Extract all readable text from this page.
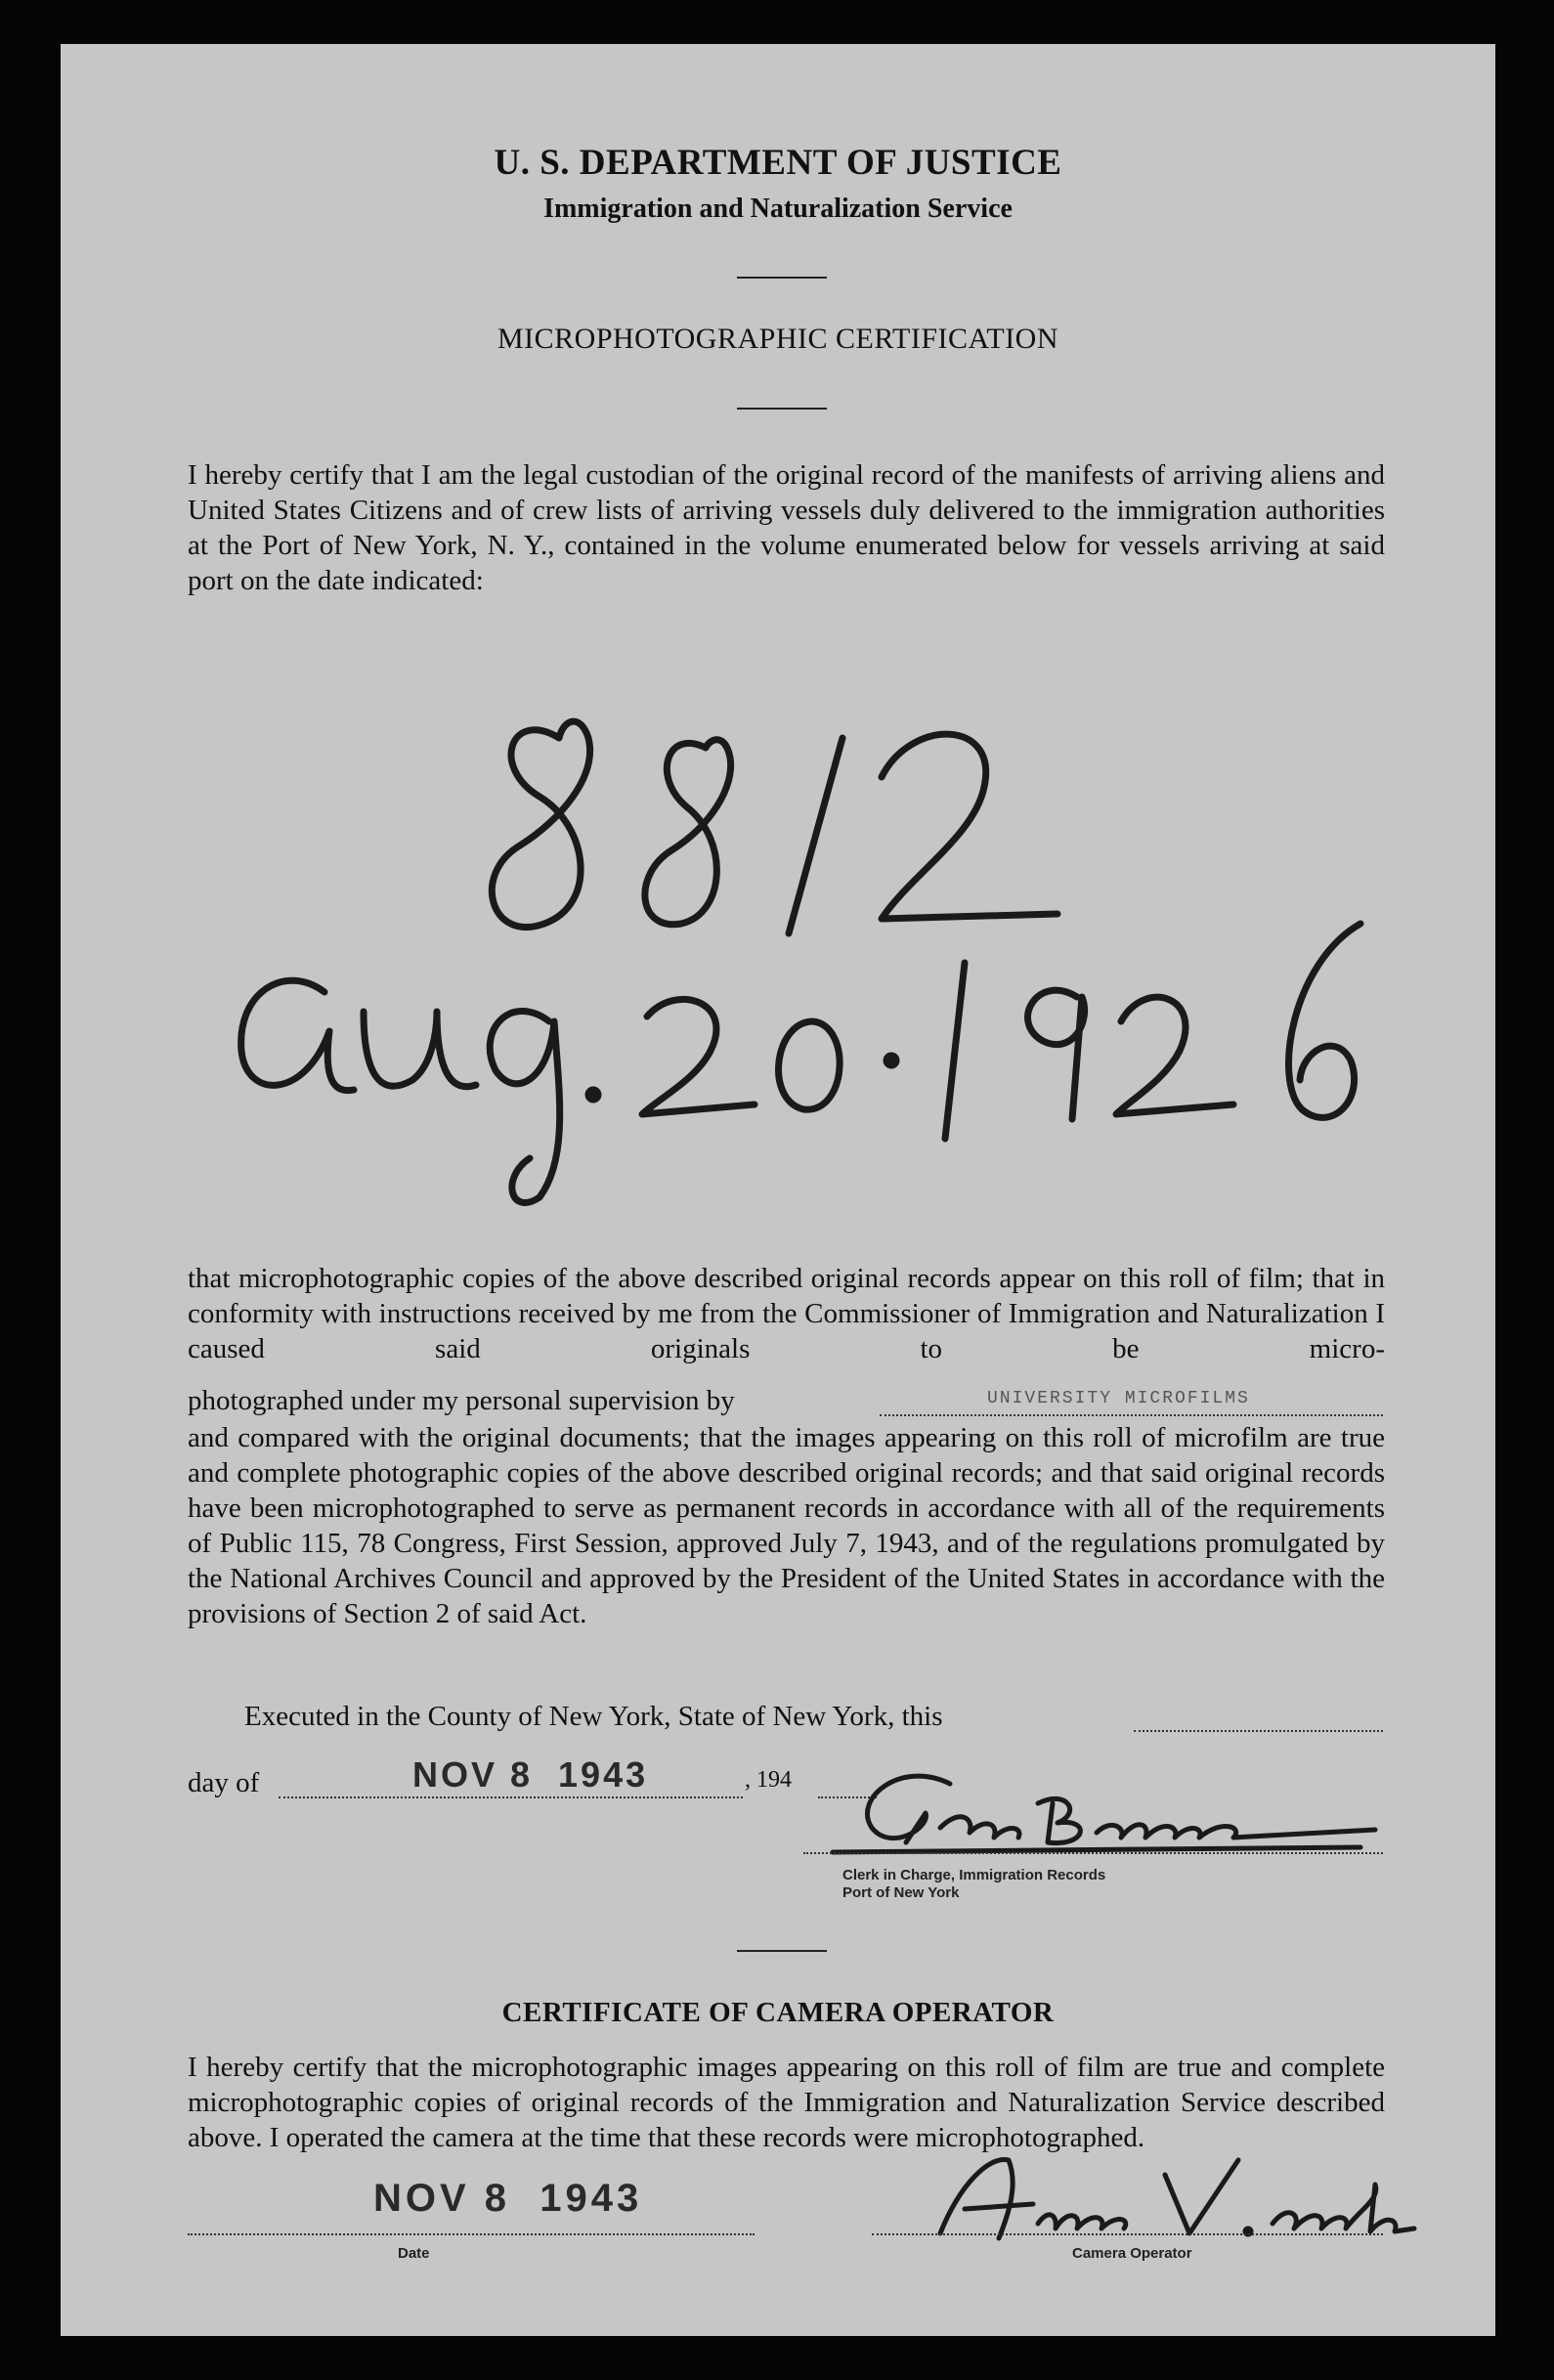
U. S. DEPARTMENT OF JUSTICE
Immigration and Naturalization Service
MICROPHOTOGRAPHIC CERTIFICATION
I hereby certify that I am the legal custodian of the original record of the manifests of arriving aliens and United States Citizens and of crew lists of arriving vessels duly delivered to the immigration authorities at the Port of New York, N. Y., contained in the volume enumerated below for vessels arriving at said port on the date indicated:
that microphotographic copies of the above described original records appear on this roll of film; that in conformity with instructions received by me from the Commissioner of Immigration and Naturalization I caused said originals to be micro-
photographed under my personal supervision by	UNIVERSITY MICROFILMS
and compared with the original documents; that the images appearing on this roll of microfilm are true and complete photographic copies of the above described original records; and that said original records have been microphotographed to serve as permanent records in accordance with all of the requirements of Public 115, 78 Congress, First Session, approved July 7, 1943, and of the regulations promulgated by the National Archives Council and approved by the President of the United States in accordance with the provisions of Section 2 of said Act.
Executed in the County of New York, State of New York, this
day of	NOV 8  1943	, 194
Clerk in Charge, Immigration Records
Port of New York
CERTIFICATE OF CAMERA OPERATOR
I hereby certify that the microphotographic images appearing on this roll of film are true and complete microphotographic copies of original records of the Immigration and Naturalization Service described above. I operated the camera at the time that these records were microphotographed.
NOV 8  1943
Date	Camera Operator
